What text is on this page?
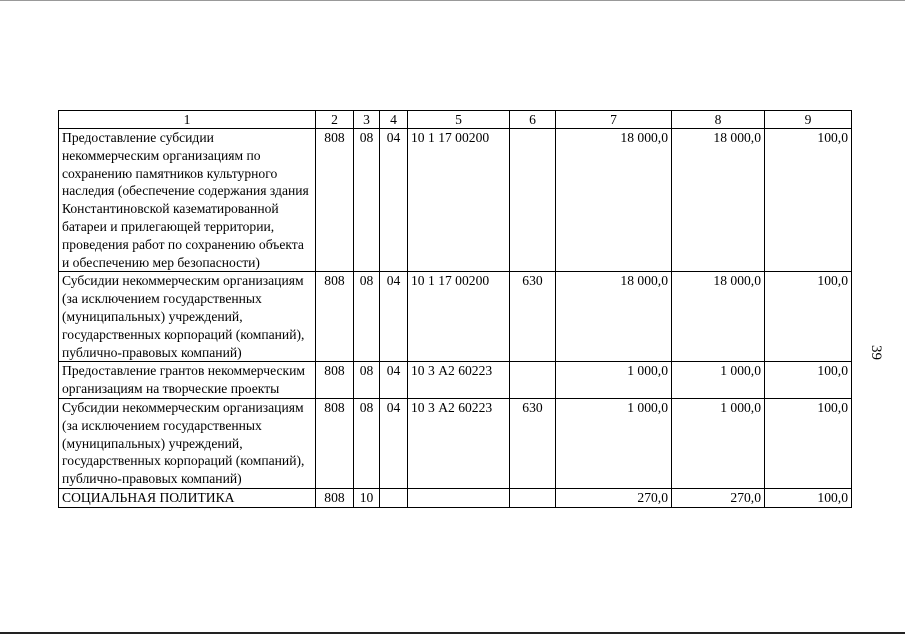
1	2	3	4	5	6	7	8	9
Предоставление субсидии некоммерческим организациям по сохранению памятников культурного наследия (обеспечение содержания здания Константиновской казематированной батареи и прилегающей территории, проведения работ по сохранению объекта и обеспечению мер безопасности)	808	08	04	10 1 17 00200		18 000,0	18 000,0	100,0
Субсидии некоммерческим организациям (за исключением государственных (муниципальных) учреждений, государственных корпораций (компаний), публично-правовых компаний)	808	08	04	10 1 17 00200	630	18 000,0	18 000,0	100,0
Предоставление грантов некоммерческим организациям на творческие проекты	808	08	04	10 3 А2 60223		1 000,0	1 000,0	100,0
Субсидии некоммерческим организациям (за исключением государственных (муниципальных) учреждений, государственных корпораций (компаний), публично-правовых компаний)	808	08	04	10 3 А2 60223	630	1 000,0	1 000,0	100,0
СОЦИАЛЬНАЯ ПОЛИТИКА	808	10				270,0	270,0	100,0
39
